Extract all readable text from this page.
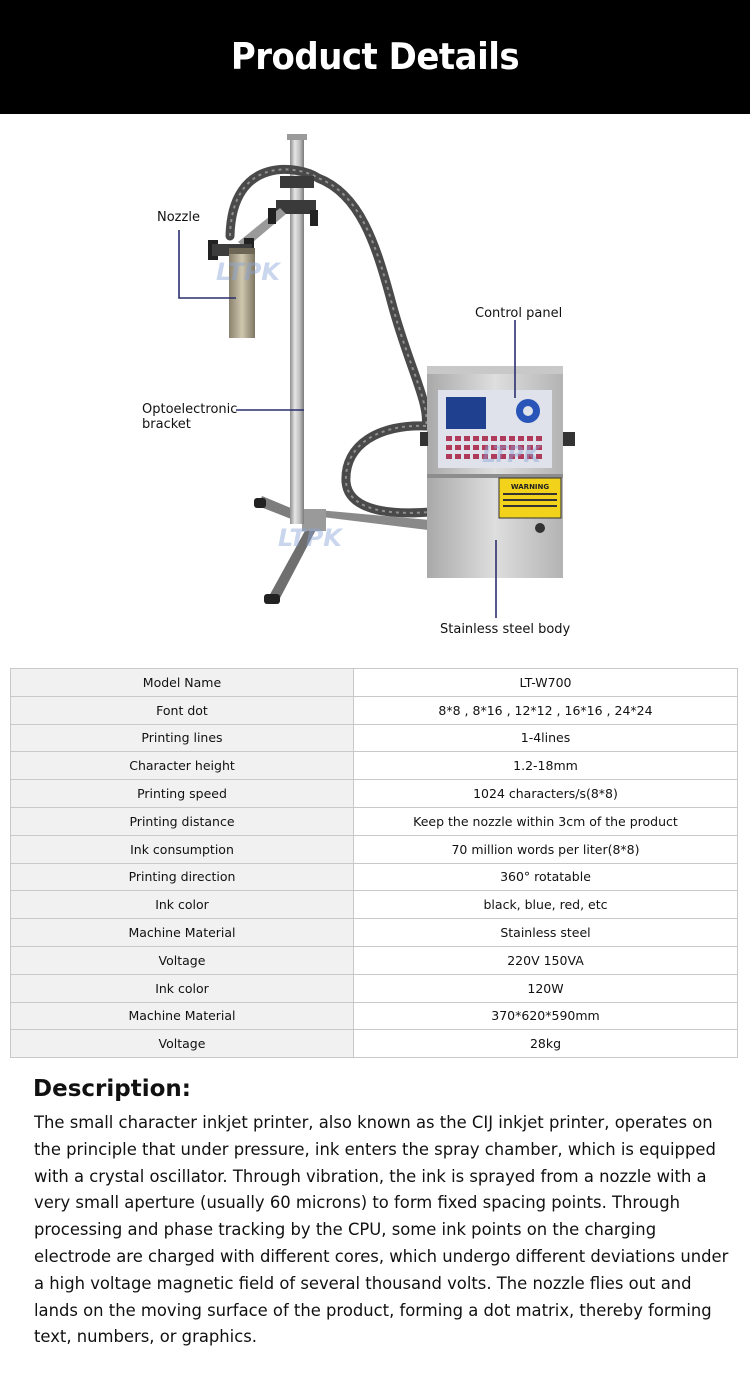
Product Details
WARNING
LTPK
LTPK
LTPK
Nozzle
Control panel
Optoelectronic
bracket
Stainless steel body
Model Name	LT-W700
Font dot	8*8 , 8*16 , 12*12 , 16*16 , 24*24
Printing lines	1-4lines
Character height	1.2-18mm
Printing speed	1024 characters/s(8*8)
Printing distance	Keep the nozzle within 3cm of the product
Ink consumption	70 million words per liter(8*8)
Printing direction	360° rotatable
Ink color	black, blue, red, etc
Machine Material	Stainless steel
Voltage	220V 150VA
Ink color	120W
Machine Material	370*620*590mm
Voltage	28kg
Description:

The small character inkjet printer, also known as the CIJ inkjet printer, operates on the principle that under pressure, ink enters the spray chamber, which is equipped with a crystal oscillator. Through vibration, the ink is sprayed from a nozzle with a very small aperture (usually 60 microns) to form fixed spacing points. Through processing and phase tracking by the CPU, some ink points on the charging electrode are charged with different cores, which undergo different deviations under a high voltage magnetic field of several thousand volts. The nozzle flies out and lands on the moving surface of the product, forming a dot matrix, thereby forming text, numbers, or graphics.
